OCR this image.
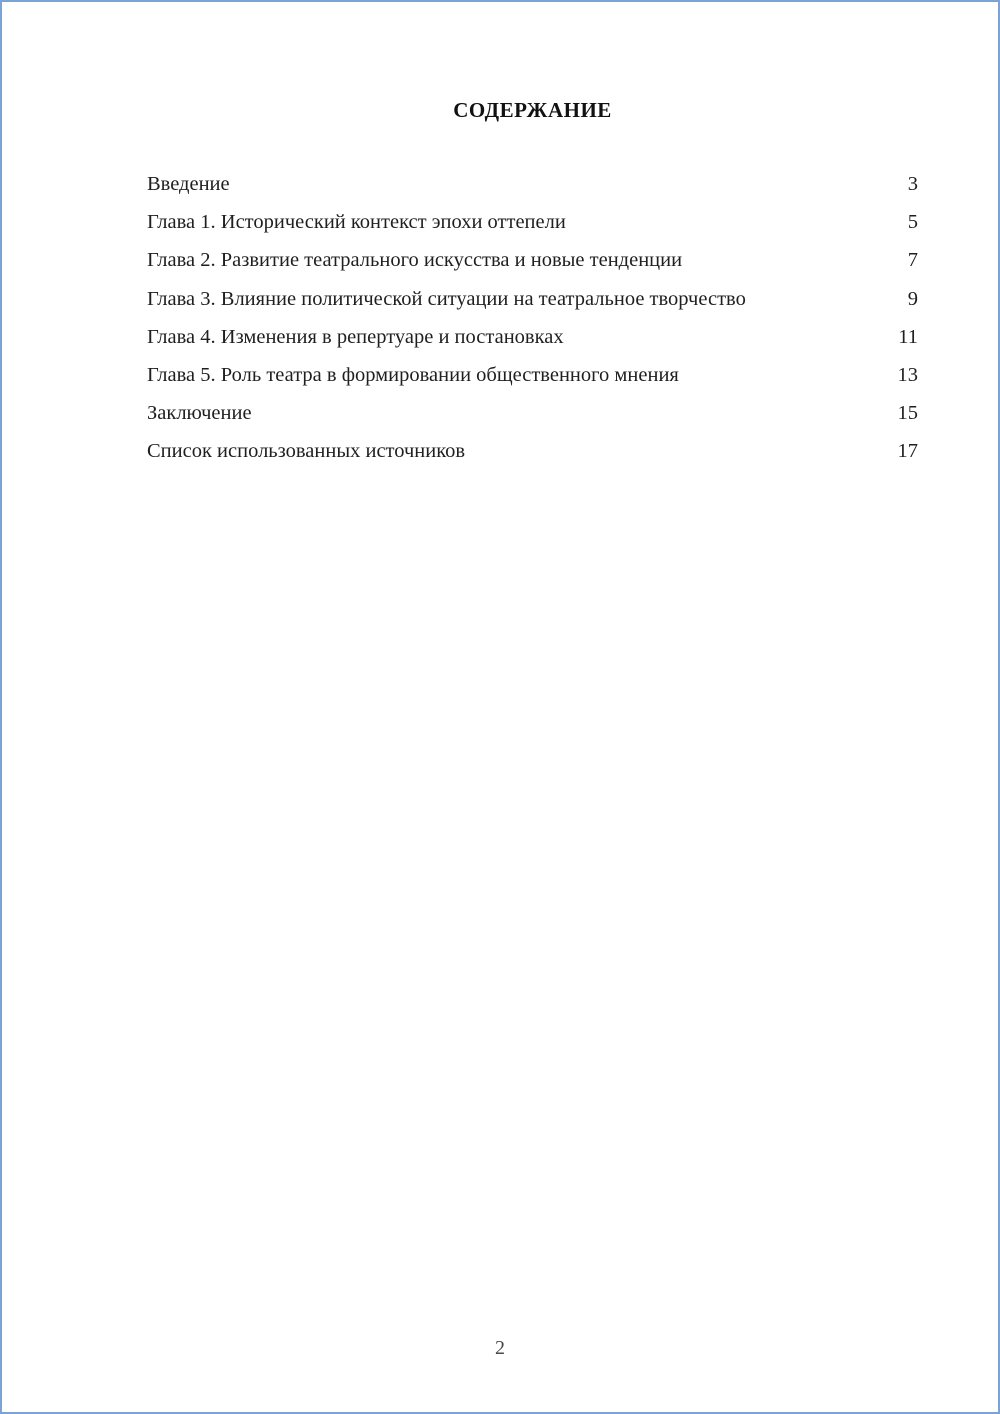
СОДЕРЖАНИЕ
Введение	3
Глава 1. Исторический контекст эпохи оттепели	5
Глава 2. Развитие театрального искусства и новые тенденции	7
Глава 3. Влияние политической ситуации на театральное творчество	9
Глава 4. Изменения в репертуаре и постановках	11
Глава 5. Роль театра в формировании общественного мнения	13
Заключение	15
Список использованных источников	17
2
